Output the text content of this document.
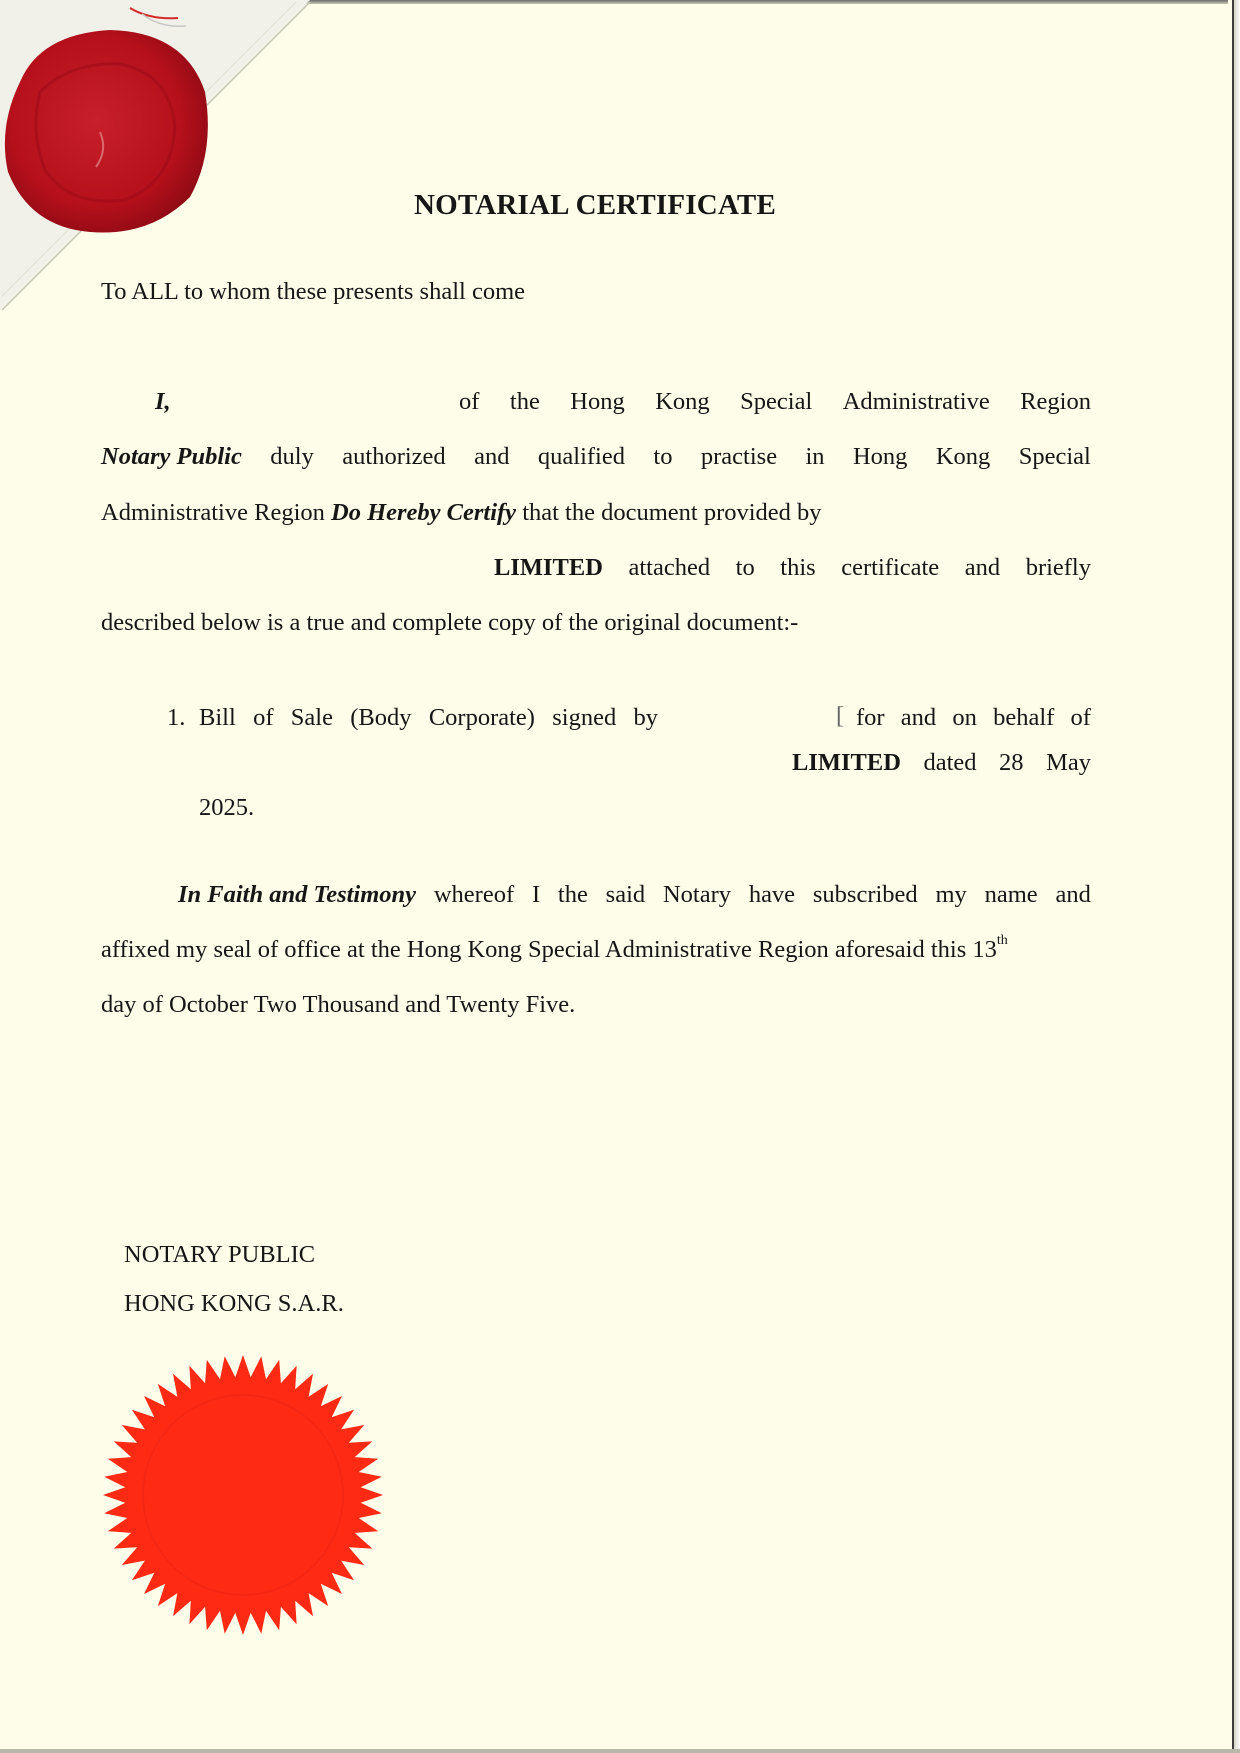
NOTARIAL CERTIFICATE
To ALL to whom these presents shall come
I,	of the Hong Kong Special Administrative Region
Notary Public duly authorized and qualified to practise in Hong Kong Special
Administrative Region Do Hereby Certify that the document provided by
LIMITED attached to this certificate and briefly
described below is a true and complete copy of the original document:-
1. Bill of Sale (Body Corporate) signed by	[ for and on behalf of
LIMITED dated 28 May
2025.
In Faith and Testimony whereof I the said Notary have subscribed my name and
affixed my seal of office at the Hong Kong Special Administrative Region aforesaid this 13th
day of October Two Thousand and Twenty Five.
NOTARY PUBLIC
HONG KONG S.A.R.
